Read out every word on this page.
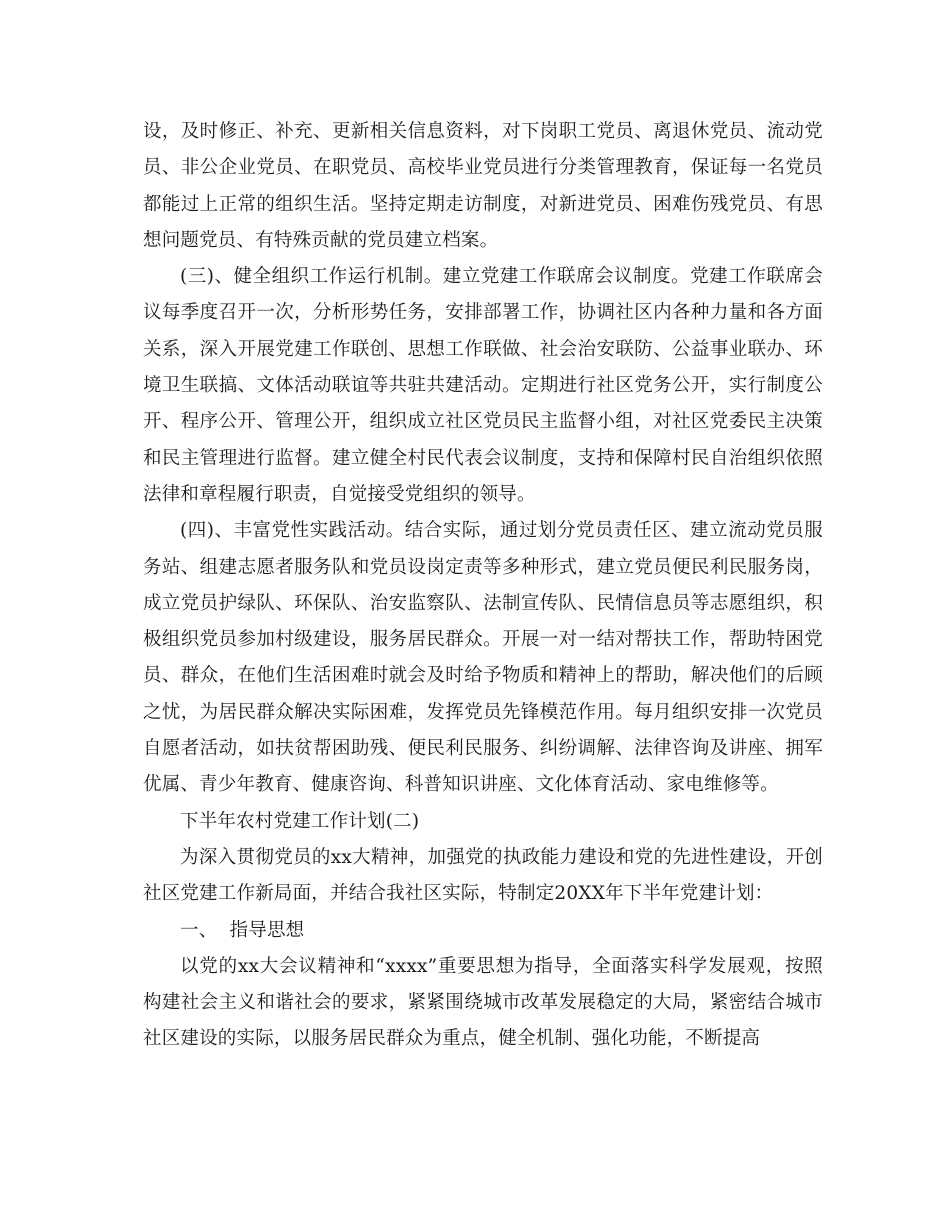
设，及时修正、补充、更新相关信息资料，对下岗职工党员、离退休党员、流动党员、非公企业党员、在职党员、高校毕业党员进行分类管理教育，保证每一名党员都能过上正常的组织生活。坚持定期走访制度，对新进党员、困难伤残党员、有思想问题党员、有特殊贡献的党员建立档案。

(三)、健全组织工作运行机制。建立党建工作联席会议制度。党建工作联席会议每季度召开一次，分析形势任务，安排部署工作，协调社区内各种力量和各方面关系，深入开展党建工作联创、思想工作联做、社会治安联防、公益事业联办、环境卫生联搞、文体活动联谊等共驻共建活动。定期进行社区党务公开，实行制度公开、程序公开、管理公开，组织成立社区党员民主监督小组，对社区党委民主决策和民主管理进行监督。建立健全村民代表会议制度，支持和保障村民自治组织依照法律和章程履行职责，自觉接受党组织的领导。

(四)、丰富党性实践活动。结合实际，通过划分党员责任区、建立流动党员服务站、组建志愿者服务队和党员设岗定责等多种形式，建立党员便民利民服务岗，成立党员护绿队、环保队、治安监察队、法制宣传队、民情信息员等志愿组织，积极组织党员参加村级建设，服务居民群众。开展一对一结对帮扶工作，帮助特困党员、群众，在他们生活困难时就会及时给予物质和精神上的帮助，解决他们的后顾之忧，为居民群众解决实际困难，发挥党员先锋模范作用。每月组织安排一次党员自愿者活动，如扶贫帮困助残、便民利民服务、纠纷调解、法律咨询及讲座、拥军优属、青少年教育、健康咨询、科普知识讲座、文化体育活动、家电维修等。

下半年农村党建工作计划(二)

为深入贯彻党员的xx大精神，加强党的执政能力建设和党的先进性建设，开创社区党建工作新局面，并结合我社区实际，特制定20XX年下半年党建计划：

一、  指导思想

以党的xx大会议精神和“xxxx”重要思想为指导，全面落实科学发展观，按照构建社会主义和谐社会的要求，紧紧围绕城市改革发展稳定的大局，紧密结合城市社区建设的实际，以服务居民群众为重点，健全机制、强化功能，不断提高
